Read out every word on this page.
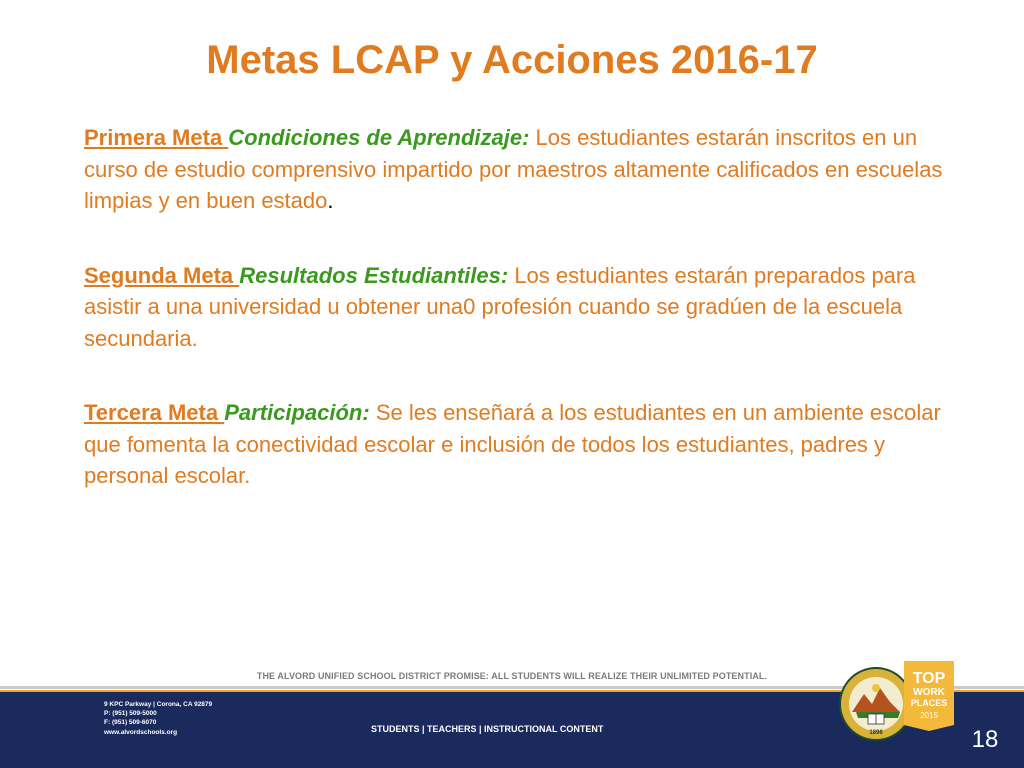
Metas LCAP y Acciones 2016-17

Primera Meta Condiciones de Aprendizaje: Los estudiantes estarán inscritos en un curso de estudio comprensivo impartido por maestros altamente calificados en escuelas limpias y en buen estado.

Segunda Meta Resultados Estudiantiles: Los estudiantes estarán preparados para asistir a una universidad u obtener una0 profesión cuando se gradúen de la escuela secundaria.

Tercera Meta Participación: Se les enseñará a los estudiantes en un ambiente escolar que fomenta la conectividad escolar e inclusión de todos los estudiantes, padres y personal escolar.

THE ALVORD UNIFIED SCHOOL DISTRICT PROMISE: ALL STUDENTS WILL REALIZE THEIR UNLIMITED POTENTIAL.
9 KPC Parkway | Corona, CA 92879
P: (951) 509-5000
F: (951) 509-6070
www.alvordschools.org	STUDENTS | TEACHERS | INSTRUCTIONAL CONTENT	1896
TOP
WORK
PLACES
2015
18
